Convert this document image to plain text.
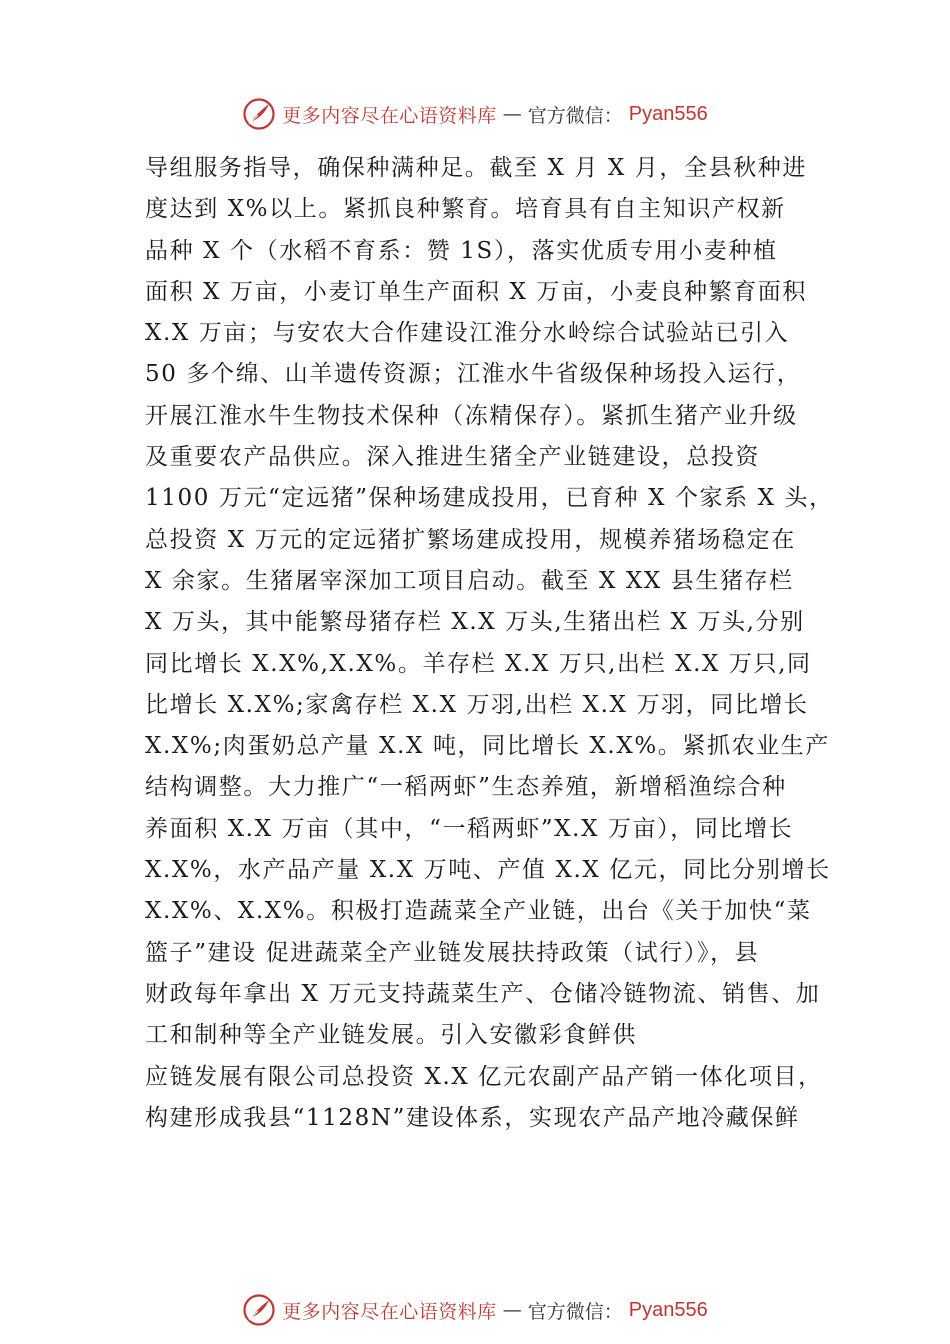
更多内容尽在心语资料库 — 官方微信： Pyan556
导组服务指导，确保种满种足。截至 X 月 X 月，全县秋种进
度达到 X%以上。紧抓良种繁育。培育具有自主知识产权新
品种 X 个（水稻不育系：赞 1S），落实优质专用小麦种植
面积 X 万亩，小麦订单生产面积 X 万亩，小麦良种繁育面积
X.X 万亩；与安农大合作建设江淮分水岭综合试验站已引入
50 多个绵、山羊遗传资源；江淮水牛省级保种场投入运行，
开展江淮水牛生物技术保种（冻精保存）。紧抓生猪产业升级
及重要农产品供应。深入推进生猪全产业链建设，总投资
1100 万元“定远猪”保种场建成投用，已育种 X 个家系 X 头，
总投资 X 万元的定远猪扩繁场建成投用，规模养猪场稳定在
X 余家。生猪屠宰深加工项目启动。截至 X XX 县生猪存栏
X 万头，其中能繁母猪存栏 X.X 万头,生猪出栏 X 万头,分别
同比增长 X.X%,X.X%。羊存栏 X.X 万只,出栏 X.X 万只,同
比增长 X.X%;家禽存栏 X.X 万羽,出栏 X.X 万羽，同比增长
X.X%;肉蛋奶总产量 X.X 吨，同比增长 X.X%。紧抓农业生产
结构调整。大力推广“一稻两虾”生态养殖，新增稻渔综合种
养面积 X.X 万亩（其中，“一稻两虾”X.X 万亩），同比增长
X.X%，水产品产量 X.X 万吨、产值 X.X 亿元，同比分别增长
X.X%、X.X%。积极打造蔬菜全产业链，出台《关于加快“菜
篮子”建设 促进蔬菜全产业链发展扶持政策（试行）》，县
财政每年拿出 X 万元支持蔬菜生产、仓储冷链物流、销售、加
工和制种等全产业链发展。引入安徽彩食鲜供
应链发展有限公司总投资 X.X 亿元农副产品产销一体化项目，
构建形成我县“1128N”建设体系，实现农产品产地冷藏保鲜
更多内容尽在心语资料库 — 官方微信： Pyan556
